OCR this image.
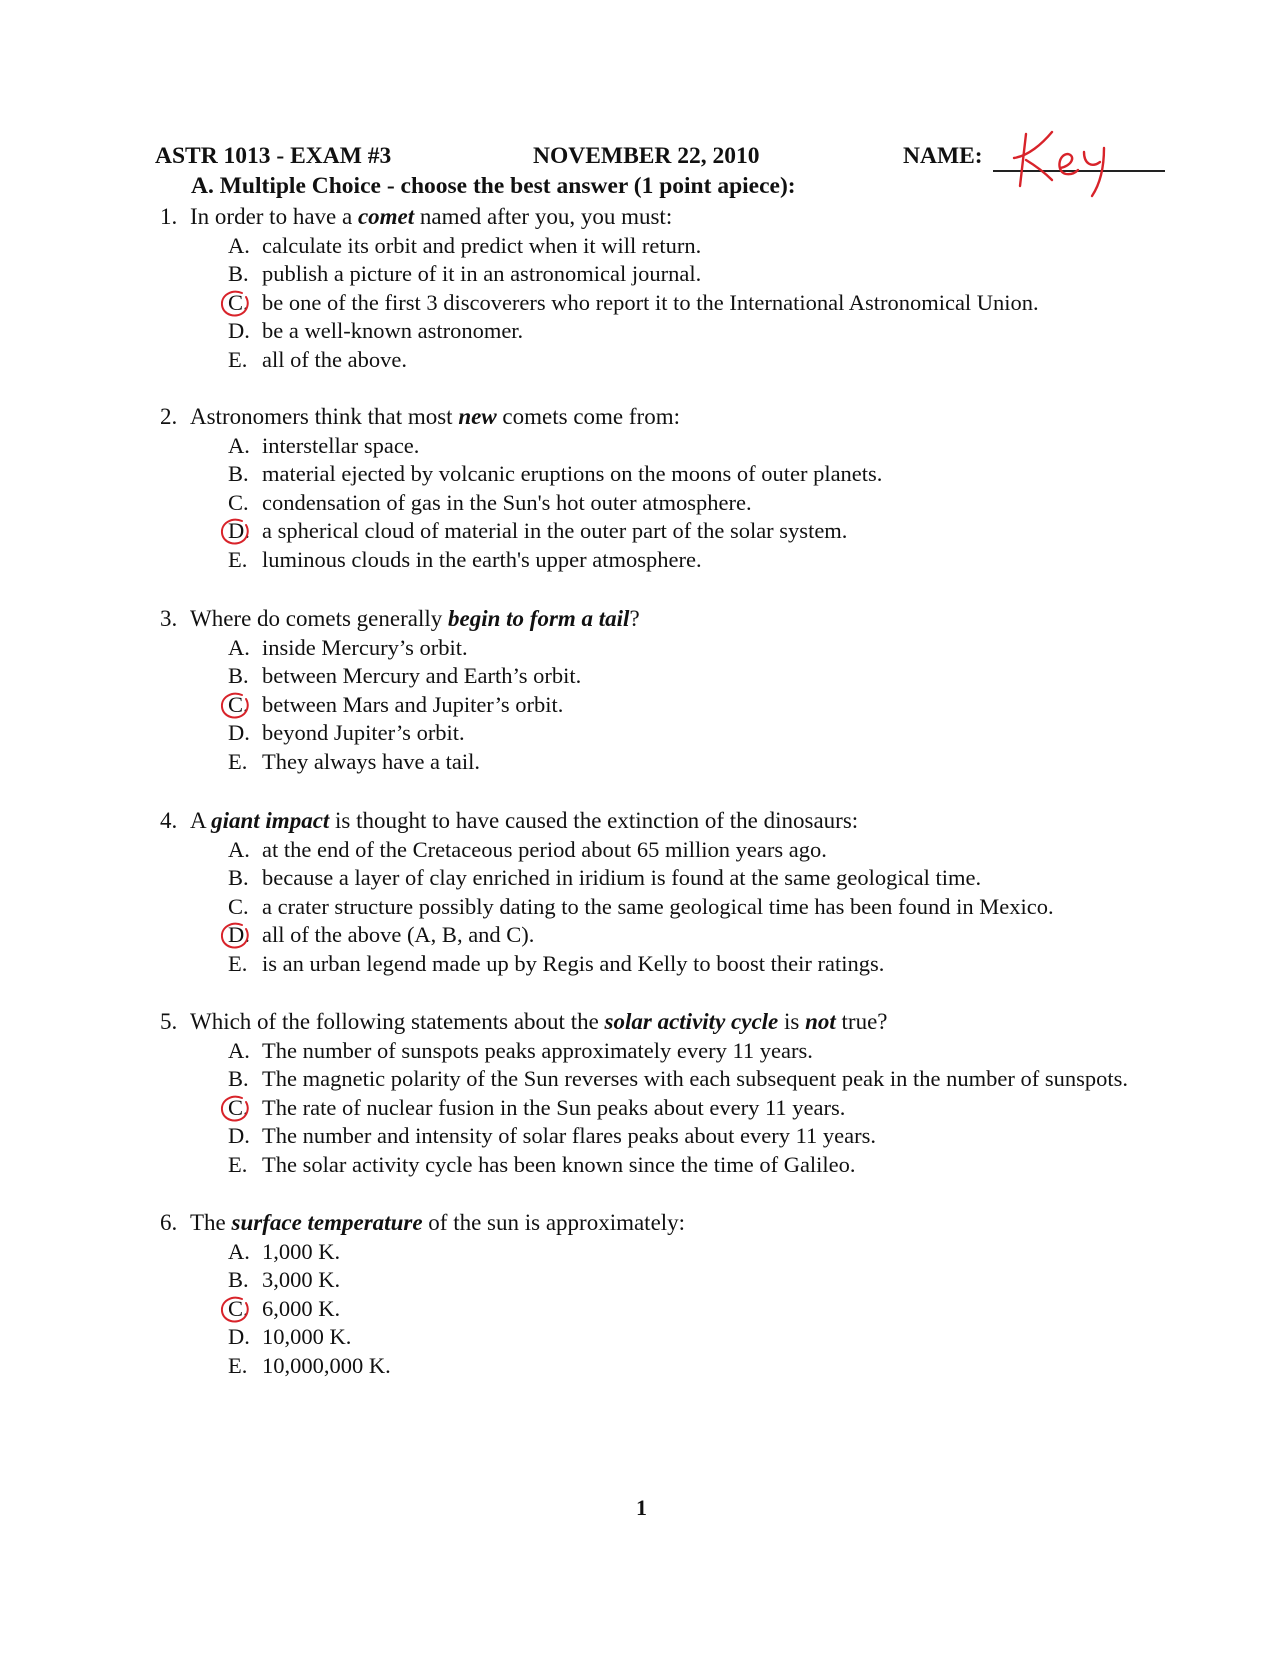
ASTR 1013 - EXAM #3	NOVEMBER 22, 2010	NAME:
A. Multiple Choice - choose the best answer (1 point apiece):
1. In order to have a comet named after you, you must:
A. calculate its orbit and predict when it will return.
B. publish a picture of it in an astronomical journal.
C. be one of the first 3 discoverers who report it to the International Astronomical Union.
D. be a well-known astronomer.
E. all of the above.
2. Astronomers think that most new comets come from:
A. interstellar space.
B. material ejected by volcanic eruptions on the moons of outer planets.
C. condensation of gas in the Sun's hot outer atmosphere.
D. a spherical cloud of material in the outer part of the solar system.
E. luminous clouds in the earth's upper atmosphere.
3. Where do comets generally begin to form a tail?
A. inside Mercury’s orbit.
B. between Mercury and Earth’s orbit.
C. between Mars and Jupiter’s orbit.
D. beyond Jupiter’s orbit.
E. They always have a tail.
4. A giant impact is thought to have caused the extinction of the dinosaurs:
A. at the end of the Cretaceous period about 65 million years ago.
B. because a layer of clay enriched in iridium is found at the same geological time.
C. a crater structure possibly dating to the same geological time has been found in Mexico.
D. all of the above (A, B, and C).
E. is an urban legend made up by Regis and Kelly to boost their ratings.
5. Which of the following statements about the solar activity cycle is not true?
A. The number of sunspots peaks approximately every 11 years.
B. The magnetic polarity of the Sun reverses with each subsequent peak in the number of sunspots.
C. The rate of nuclear fusion in the Sun peaks about every 11 years.
D. The number and intensity of solar flares peaks about every 11 years.
E. The solar activity cycle has been known since the time of Galileo.
6. The surface temperature of the sun is approximately:
A. 1,000 K.
B. 3,000 K.
C. 6,000 K.
D. 10,000 K.
E. 10,000,000 K.
1
